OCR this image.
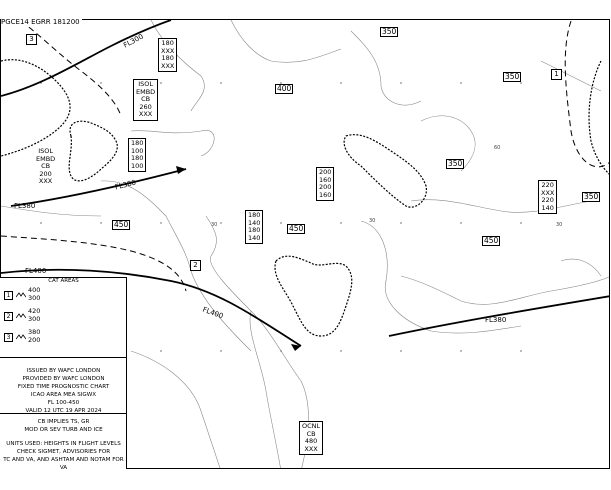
60
30
30
30
PGCE14 EGRR 181200
350
350
400
350
450	450
450
350
FL300
FL380
FL380
FL400
FL400	FL380
3
2
1
ISOL
EMBD
CB
260
XXX
ISOL
EMBD
CB
200
XXX
OCNL
CB
480
XXX
180
XXX
180
XXX
180
100
180
100
200
160
200
160
180
140
180
140
220
XXX
220
140
CAT AREAS
1
400
300
2
420
300
3
380
200
ISSUED BY WAFC LONDON
PROVIDED BY WAFC LONDON
FIXED TIME PROGNOSTIC CHART
ICAO AREA MEA SIGWX
FL 100-450
VALID 12 UTC 19 APR 2024
CB IMPLIES TS, GR
MOD OR SEV TURB AND ICE
UNITS USED: HEIGHTS IN FLIGHT LEVELS
CHECK SIGMET, ADVISORIES FOR
TC AND VA, AND ASHTAM AND NOTAM FOR VA
